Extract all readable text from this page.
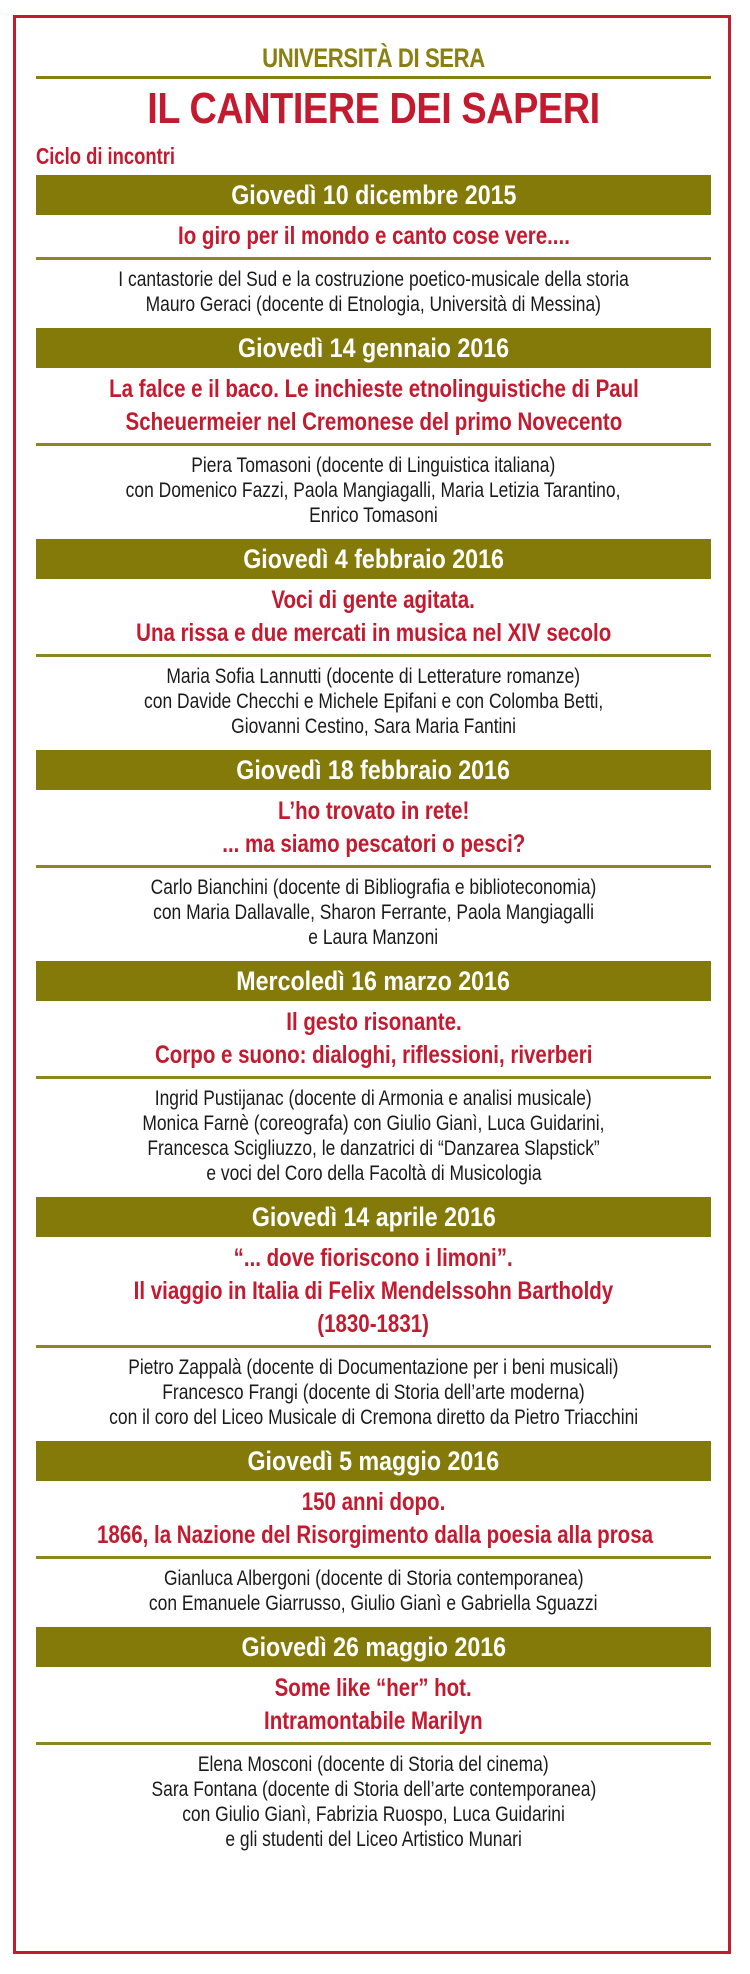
UNIVERSITÀ DI SERA
IL CANTIERE DEI SAPERI
Ciclo di incontri
Giovedì 10 dicembre 2015
Io giro per il mondo e canto cose vere....
I cantastorie del Sud e la costruzione poetico-musicale della storia
Mauro Geraci (docente di Etnologia, Università di Messina)
Giovedì 14 gennaio 2016
La falce e il baco. Le inchieste etnolinguistiche di Paul
Scheuermeier nel Cremonese del primo Novecento
Piera Tomasoni (docente di Linguistica italiana)
con Domenico Fazzi, Paola Mangiagalli, Maria Letizia Tarantino,
Enrico Tomasoni
Giovedì 4 febbraio 2016
Voci di gente agitata.
Una rissa e due mercati in musica nel XIV secolo
Maria Sofia Lannutti (docente di Letterature romanze)
con Davide Checchi e Michele Epifani e con Colomba Betti,
Giovanni Cestino, Sara Maria Fantini
Giovedì 18 febbraio 2016
L’ho trovato in rete!
... ma siamo pescatori o pesci?
Carlo Bianchini (docente di Bibliografia e biblioteconomia)
con Maria Dallavalle, Sharon Ferrante, Paola Mangiagalli
e Laura Manzoni
Mercoledì 16 marzo 2016
Il gesto risonante.
Corpo e suono: dialoghi, riflessioni, riverberi
Ingrid Pustijanac (docente di Armonia e analisi musicale)
Monica Farnè (coreografa) con Giulio Gianì, Luca Guidarini,
Francesca Scigliuzzo, le danzatrici di “Danzarea Slapstick”
e voci del Coro della Facoltà di Musicologia
Giovedì 14 aprile 2016
“... dove fioriscono i limoni”.
Il viaggio in Italia di Felix Mendelssohn Bartholdy
(1830-1831)
Pietro Zappalà (docente di Documentazione per i beni musicali)
Francesco Frangi (docente di Storia dell’arte moderna)
con il coro del Liceo Musicale di Cremona diretto da Pietro Triacchini
Giovedì 5 maggio 2016
150 anni dopo.
1866, la Nazione del Risorgimento dalla poesia alla prosa
Gianluca Albergoni (docente di Storia contemporanea)
con Emanuele Giarrusso, Giulio Gianì e Gabriella Sguazzi
Giovedì 26 maggio 2016
Some like “her” hot.
Intramontabile Marilyn
Elena Mosconi (docente di Storia del cinema)
Sara Fontana (docente di Storia dell’arte contemporanea)
con Giulio Gianì, Fabrizia Ruospo, Luca Guidarini
e gli studenti del Liceo Artistico Munari
